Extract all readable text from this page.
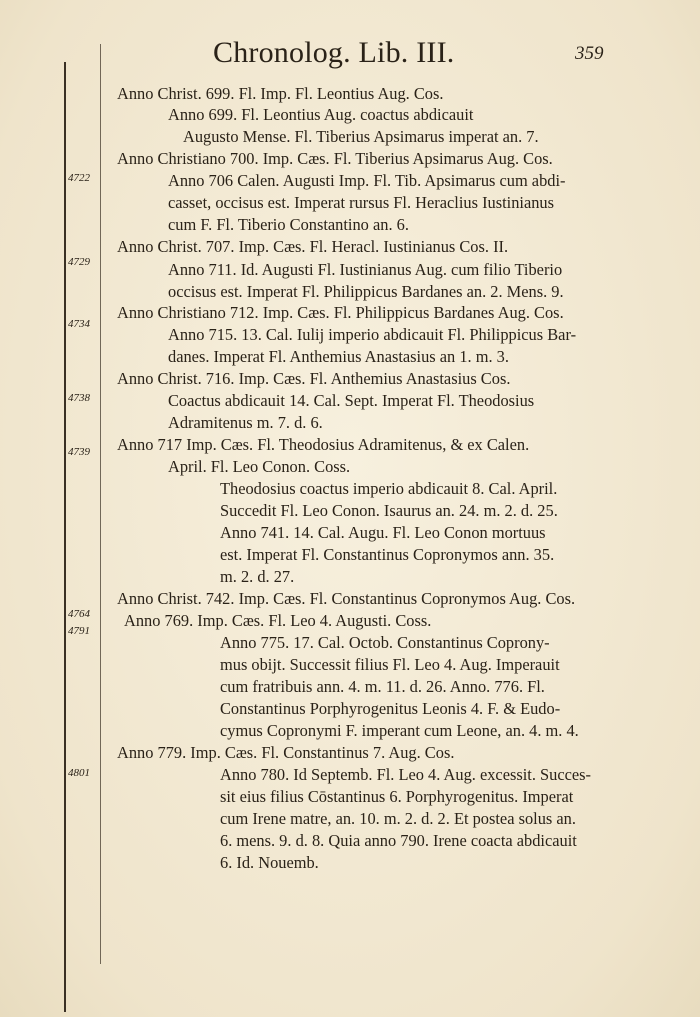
Chronolog. Lib. III.	359
4722
4729
4734
4738
4739
4764
4791
4801
Anno Christ. 699. Fl. Imp. Fl. Leontius Aug. Cos.
Anno 699. Fl. Leontius Aug. coactus abdicauit
Augusto Mense. Fl. Tiberius Apsimarus imperat an. 7.
Anno Christiano 700. Imp. Cæs. Fl. Tiberius Apsimarus Aug. Cos.
Anno 706 Calen. Augusti Imp. Fl. Tib. Apsimarus cum abdi-
casset, occisus est. Imperat rursus Fl. Heraclius Iustinianus
cum F. Fl. Tiberio Constantino an. 6.
Anno Christ. 707. Imp. Cæs. Fl. Heracl. Iustinianus Cos. II.
Anno 711. Id. Augusti Fl. Iustinianus Aug. cum filio Tiberio
occisus est. Imperat Fl. Philippicus Bardanes an. 2. Mens. 9.
Anno Christiano 712. Imp. Cæs. Fl. Philippicus Bardanes Aug. Cos.
Anno 715. 13. Cal. Iulij imperio abdicauit Fl. Philippicus Bar-
danes. Imperat Fl. Anthemius Anastasius an 1. m. 3.
Anno Christ. 716. Imp. Cæs. Fl. Anthemius Anastasius Cos.
Coactus abdicauit 14. Cal. Sept. Imperat Fl. Theodosius
Adramitenus m. 7. d. 6.
Anno 717 Imp. Cæs. Fl. Theodosius Adramitenus, & ex Calen.
April. Fl. Leo Conon. Coss.
Theodosius coactus imperio abdicauit 8. Cal. April.
Succedit Fl. Leo Conon. Isaurus an. 24. m. 2. d. 25.
Anno 741. 14. Cal. Augu. Fl. Leo Conon mortuus
est. Imperat Fl. Constantinus Copronymos ann. 35.
m. 2. d. 27.
Anno Christ. 742. Imp. Cæs. Fl. Constantinus Copronymos Aug. Cos.
Anno 769. Imp. Cæs. Fl. Leo 4. Augusti. Coss.
Anno 775. 17. Cal. Octob. Constantinus Coprony-
mus obijt. Successit filius Fl. Leo 4. Aug. Imperauit
cum fratribuis ann. 4. m. 11. d. 26. Anno. 776. Fl.
Constantinus Porphyrogenitus Leonis 4. F. & Eudo-
cymus Copronymi F. imperant cum Leone, an. 4. m. 4.
Anno 779. Imp. Cæs. Fl. Constantinus 7. Aug. Cos.
Anno 780. Id Septemb. Fl. Leo 4. Aug. excessit. Succes-
sit eius filius Cōstantinus 6. Porphyrogenitus. Imperat
cum Irene matre, an. 10. m. 2. d. 2. Et postea solus an.
6. mens. 9. d. 8. Quia anno 790. Irene coacta abdicauit
6. Id. Nouemb.
